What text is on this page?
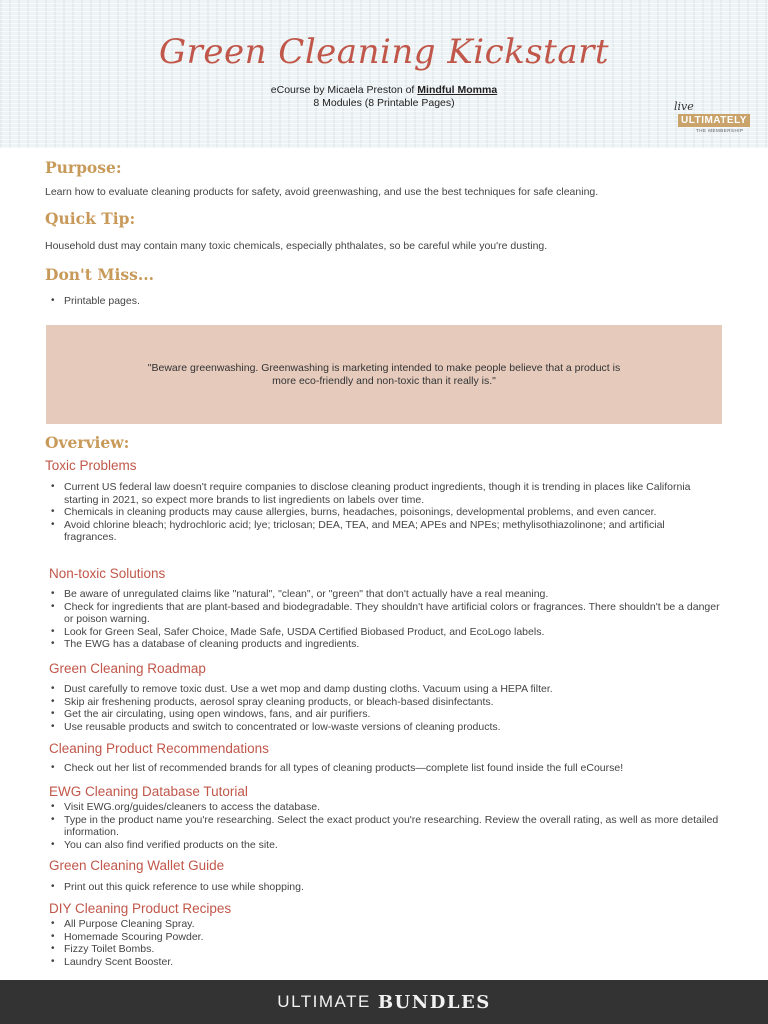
Green Cleaning Kickstart
eCourse by Micaela Preston of Mindful Momma
8 Modules (8 Printable Pages)	live
ULTIMATELY
THE MEMBERSHIP
Purpose:
Learn how to evaluate cleaning products for safety, avoid greenwashing, and use the best techniques for safe cleaning.
Quick Tip:
Household dust may contain many toxic chemicals, especially phthalates, so be careful while you're dusting.
Don't Miss...
• Printable pages.
"Beware greenwashing. Greenwashing is marketing intended to make people believe that a product is more eco-friendly and non-toxic than it really is."
Overview:
Toxic Problems
• Current US federal law doesn't require companies to disclose cleaning product ingredients, though it is trending in places like California starting in 2021, so expect more brands to list ingredients on labels over time.
• Chemicals in cleaning products may cause allergies, burns, headaches, poisonings, developmental problems, and even cancer.
• Avoid chlorine bleach; hydrochloric acid; lye; triclosan; DEA, TEA, and MEA; APEs and NPEs; methylisothiazolinone; and artificial fragrances.
Non-toxic Solutions
• Be aware of unregulated claims like "natural", "clean", or "green" that don't actually have a real meaning.
• Check for ingredients that are plant-based and biodegradable. They shouldn't have artificial colors or fragrances. There shouldn't be a danger or poison warning.
• Look for Green Seal, Safer Choice, Made Safe, USDA Certified Biobased Product, and EcoLogo labels.
• The EWG has a database of cleaning products and ingredients.
Green Cleaning Roadmap
• Dust carefully to remove toxic dust. Use a wet mop and damp dusting cloths. Vacuum using a HEPA filter.
• Skip air freshening products, aerosol spray cleaning products, or bleach-based disinfectants.
• Get the air circulating, using open windows, fans, and air purifiers.
• Use reusable products and switch to concentrated or low-waste versions of cleaning products.
Cleaning Product Recommendations
• Check out her list of recommended brands for all types of cleaning products—complete list found inside the full eCourse!
EWG Cleaning Database Tutorial
• Visit EWG.org/guides/cleaners to access the database.
• Type in the product name you're researching. Select the exact product you're researching. Review the overall rating, as well as more detailed information.
• You can also find verified products on the site.
Green Cleaning Wallet Guide
• Print out this quick reference to use while shopping.
DIY Cleaning Product Recipes
• All Purpose Cleaning Spray.
• Homemade Scouring Powder.
• Fizzy Toilet Bombs.
• Laundry Scent Booster.
ULTIMATE BUNDLES
